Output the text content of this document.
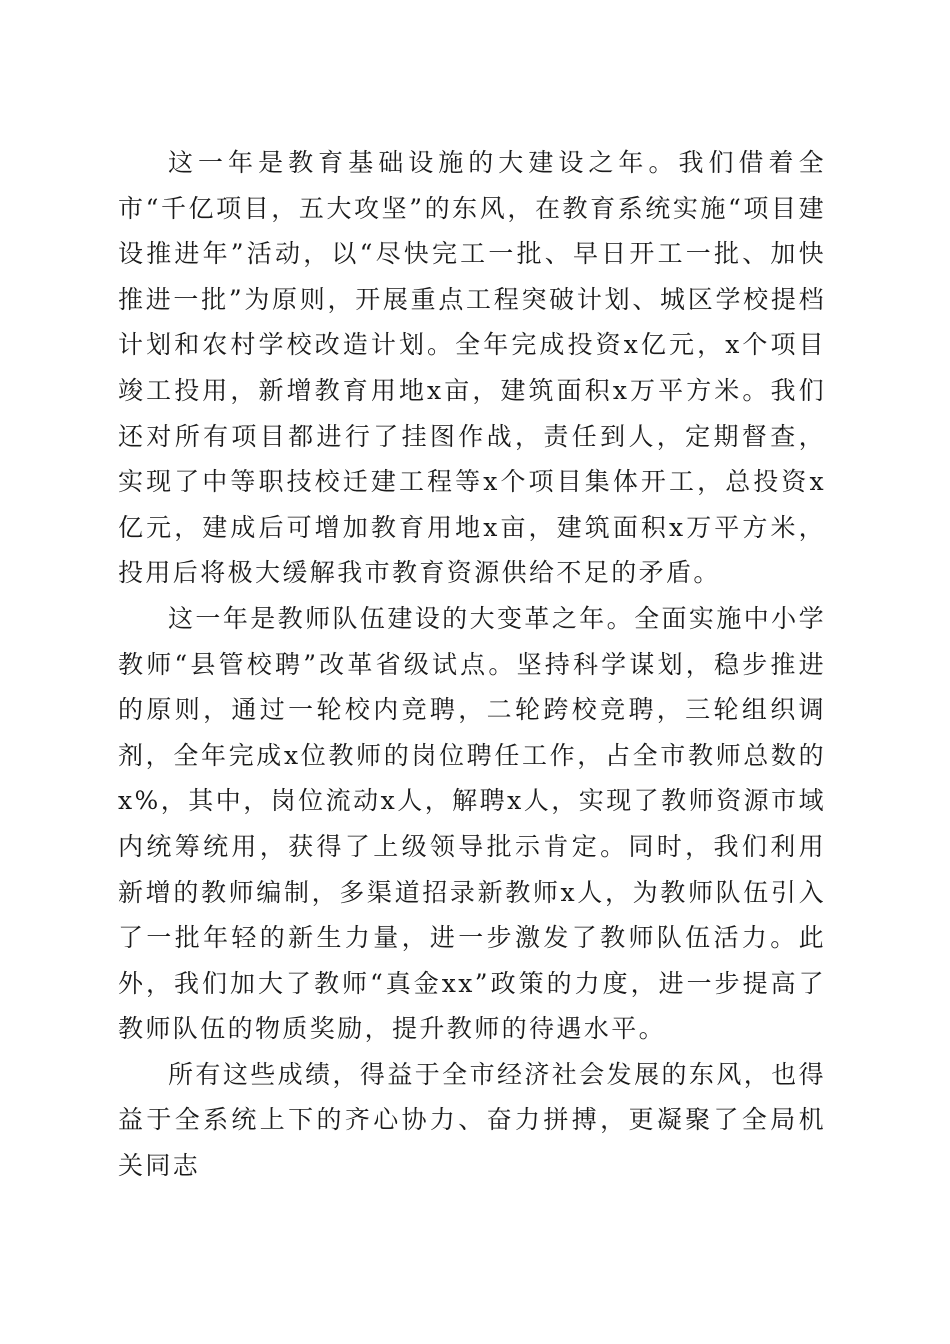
这一年是教育基础设施的大建设之年。我们借着全市“千亿项目，五大攻坚”的东风，在教育系统实施“项目建设推进年”活动，以“尽快完工一批、早日开工一批、加快推进一批”为原则，开展重点工程突破计划、城区学校提档计划和农村学校改造计划。全年完成投资x亿元，x个项目竣工投用，新增教育用地x亩，建筑面积x万平方米。我们还对所有项目都进行了挂图作战，责任到人，定期督查，实现了中等职技校迁建工程等x个项目集体开工，总投资x亿元，建成后可增加教育用地x亩，建筑面积x万平方米，投用后将极大缓解我市教育资源供给不足的矛盾。

这一年是教师队伍建设的大变革之年。全面实施中小学教师“县管校聘”改革省级试点。坚持科学谋划，稳步推进的原则，通过一轮校内竞聘，二轮跨校竞聘，三轮组织调剂，全年完成x位教师的岗位聘任工作，占全市教师总数的x%，其中，岗位流动x人，解聘x人，实现了教师资源市域内统筹统用，获得了上级领导批示肯定。同时，我们利用新增的教师编制，多渠道招录新教师x人，为教师队伍引入了一批年轻的新生力量，进一步激发了教师队伍活力。此外，我们加大了教师“真金xx”政策的力度，进一步提高了教师队伍的物质奖励，提升教师的待遇水平。

所有这些成绩，得益于全市经济社会发展的东风，也得益于全系统上下的齐心协力、奋力拼搏，更凝聚了全局机关同志
